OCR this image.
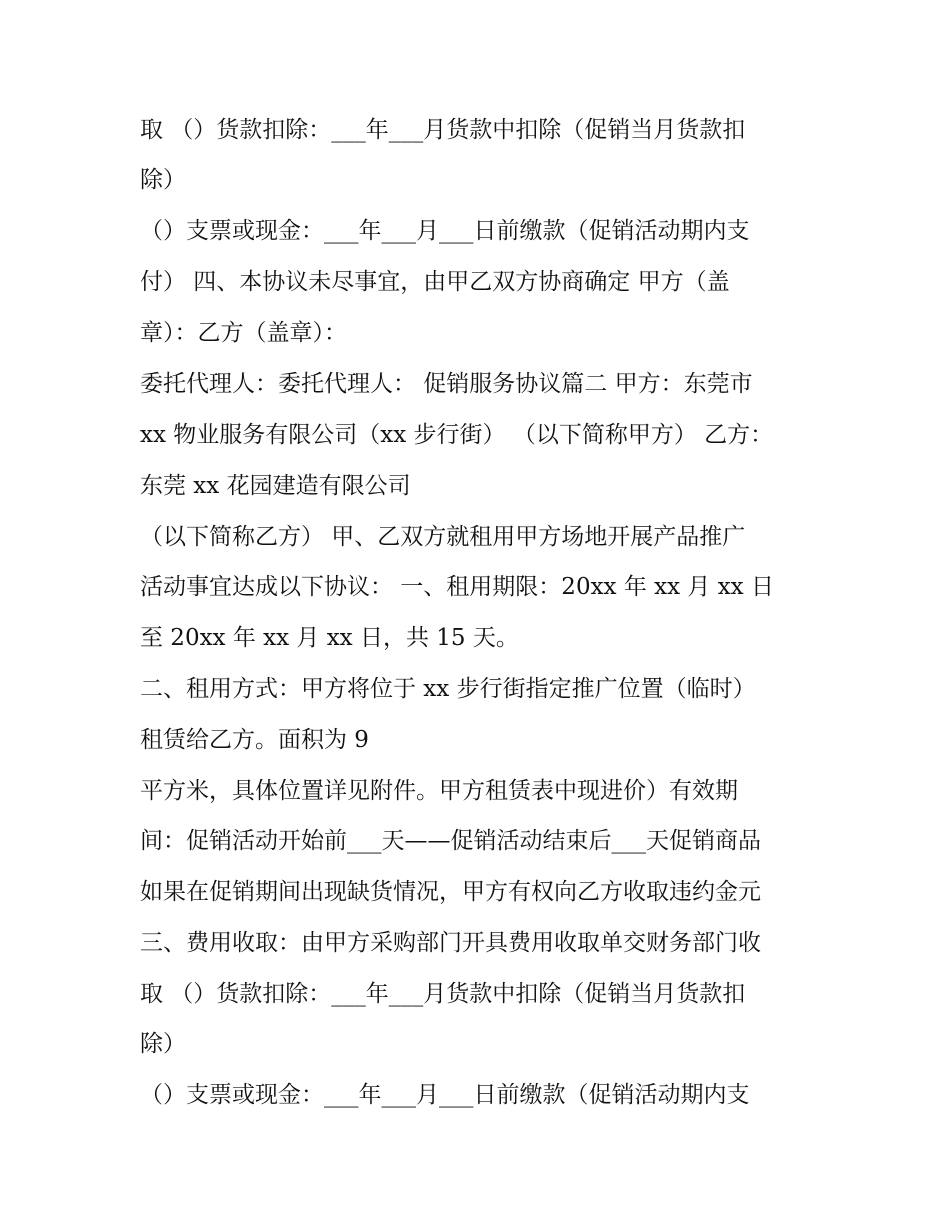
取 （）货款扣除：___年___月货款中扣除（促销当月货款扣
除）
（）支票或现金：___年___月___日前缴款（促销活动期内支
付） 四、本协议未尽事宜，由甲乙双方协商确定 甲方（盖
章）：乙方（盖章）：
委托代理人：委托代理人： 促销服务协议篇二 甲方：东莞市
xx 物业服务有限公司（xx 步行街） （以下简称甲方） 乙方：
东莞 xx 花园建造有限公司
（以下简称乙方） 甲、乙双方就租用甲方场地开展产品推广
活动事宜达成以下协议： 一、租用期限：20xx 年 xx 月 xx 日
至 20xx 年 xx 月 xx 日，共 15 天。
二、租用方式：甲方将位于 xx 步行街指定推广位置（临时）
租赁给乙方。面积为 9
平方米，具体位置详见附件。甲方租赁表中现进价）有效期
间：促销活动开始前___天——促销活动结束后___天促销商品
如果在促销期间出现缺货情况，甲方有权向乙方收取违约金元
三、费用收取：由甲方采购部门开具费用收取单交财务部门收
取 （）货款扣除：___年___月货款中扣除（促销当月货款扣
除）
（）支票或现金：___年___月___日前缴款（促销活动期内支
